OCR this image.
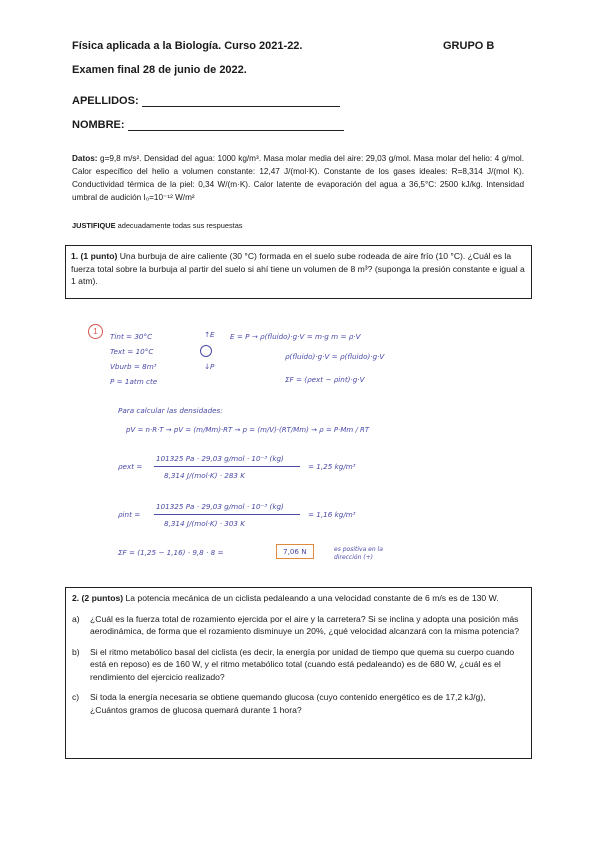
Física aplicada a la Biología. Curso 2021-22.	GRUPO B
Examen final 28 de junio de 2022.
APELLIDOS:
NOMBRE:
Datos: g=9,8 m/s². Densidad del agua: 1000 kg/m³. Masa molar media del aire: 29,03 g/mol. Masa molar del helio: 4 g/mol. Calor específico del helio a volumen constante: 12,47 J/(mol·K). Constante de los gases ideales: R=8,314 J/(mol K). Conductividad térmica de la piel: 0,34 W/(m·K). Calor latente de evaporación del agua a 36,5°C: 2500 kJ/kg. Intensidad umbral de audición I₀=10⁻¹² W/m²
JUSTIFIQUE adecuadamente todas sus respuestas
1. (1 punto) Una burbuja de aire caliente (30 °C) formada en el suelo sube rodeada de aire frío (10 °C). ¿Cuál es la fuerza total sobre la burbuja al partir del suelo si ahí tiene un volumen de 8 m³? (suponga la presión constante e igual a 1 atm).
1
Tint = 30°C
Text = 10°C
Vburb = 8m³
P = 1atm cte
↑E
↓P
E = P → ρ(fluido)·g·V = m·g m = ρ·V
ρ(fluido)·g·V = ρ(fluido)·g·V
ΣF = (ρext − ρint)·g·V
Para calcular las densidades:
pV = n·R·T → pV = (m/Mm)·RT → p = (m/V)·(RT/Mm) → ρ = P·Mm / RT
ρext =
101325 Pa · 29,03 g/mol · 10⁻³ (kg)
8,314 J/(mol·K) · 283 K
= 1,25 kg/m³
ρint =
101325 Pa · 29,03 g/mol · 10⁻³ (kg)
8,314 J/(mol·K) · 303 K
= 1,16 kg/m³
ΣF = (1,25 − 1,16) · 9,8 · 8 =	7,06 N	es positiva en la dirección (+)
2. (2 puntos) La potencia mecánica de un ciclista pedaleando a una velocidad constante de 6 m/s es de 130 W.
a)	¿Cuál es la fuerza total de rozamiento ejercida por el aire y la carretera? Si se inclina y adopta una posición más aerodinámica, de forma que el rozamiento disminuye un 20%, ¿qué velocidad alcanzará con la misma potencia?
b)	Si el ritmo metabólico basal del ciclista (es decir, la energía por unidad de tiempo que quema su cuerpo cuando está en reposo) es de 160 W, y el ritmo metabólico total (cuando está pedaleando) es de 680 W, ¿cuál es el rendimiento del ejercicio realizado?
c)	Si toda la energía necesaria se obtiene quemando glucosa (cuyo contenido energético es de 17,2 kJ/g), ¿Cuántos gramos de glucosa quemará durante 1 hora?
